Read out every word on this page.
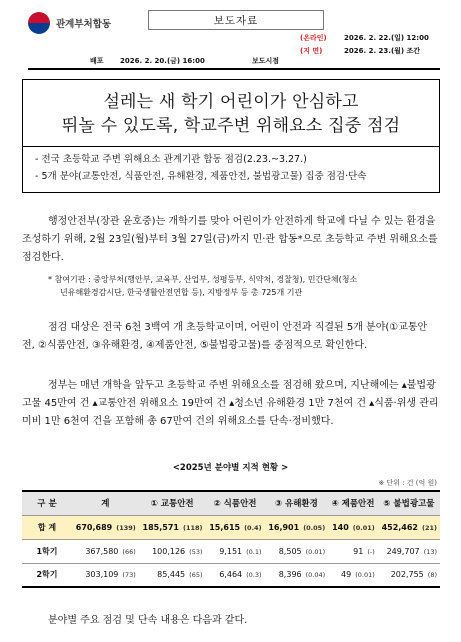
관계부처합동	보도자료
(온라인) 2026. 2. 22.(일) 12:00
(지 면)	2026. 2. 23.(월) 조간
배포 2026. 2. 20.(금) 16:00	보도시점
설레는 새 학기 어린이가 안심하고
뛰놀 수 있도록, 학교주변 위해요소 집중 점검
- 전국 초등학교 주변 위해요소 관계기관 합동 점검(2.23.~3.27.)
- 5개 분야(교통안전, 식품안전, 유해환경, 제품안전, 불법광고물) 집중 점검·단속
행정안전부(장관 윤호중)는 개학기를 맞아 어린이가 안전하게 학교에 다닐 수 있는 환경을 조성하기 위해, 2월 23일(월)부터 3월 27일(금)까지 민·관 합동*으로 초등학교 주변 위해요소를 점검한다.
* 참여기관 : 중앙부처(행안부, 교육부, 산업부, 성평등부, 식약처, 경찰청), 민간단체(청소
년유해환경감시단, 한국생활안전연합 등), 지방정부 등 총 725개 기관
점검 대상은 전국 6천 3백여 개 초등학교이며, 어린이 안전과 직결된 5개 분야(①교통안전, ②식품안전, ③유해환경, ④제품안전, ⑤불법광고물)를 중점적으로 확인한다.
정부는 매년 개학을 앞두고 초등학교 주변 위해요소를 점검해 왔으며, 지난해에는 ▴불법광고물 45만여 건 ▴교통안전 위해요소 19만여 건 ▴청소년 유해환경 1만 7천여 건 ▴식품·위생 관리 미비 1만 6천여 건을 포함해 총 67만여 건의 위해요소를 단속·정비했다.
<2025년 분야별 지적 현황 >
※ 단위 : 건 (억 원)
구 분	계	① 교통안전	② 식품안전	③ 유해환경	④ 제품안전	⑤ 불법광고물
합 계	670,689 (139)	185,571 (118)	15,615 (0.4)	16,901 (0.05)	140 (0.01)	452,462 (21)
1학기	367,580 (66)	100,126 (53)	9,151 (0.1)	8,505 (0.01)	91 (-)	249,707 (13)
2학기	303,109 (73)	85,445 (65)	6,464 (0.3)	8,396 (0.04)	49 (0.01)	202,755 (8)
분야별 주요 점검 및 단속 내용은 다음과 같다.
